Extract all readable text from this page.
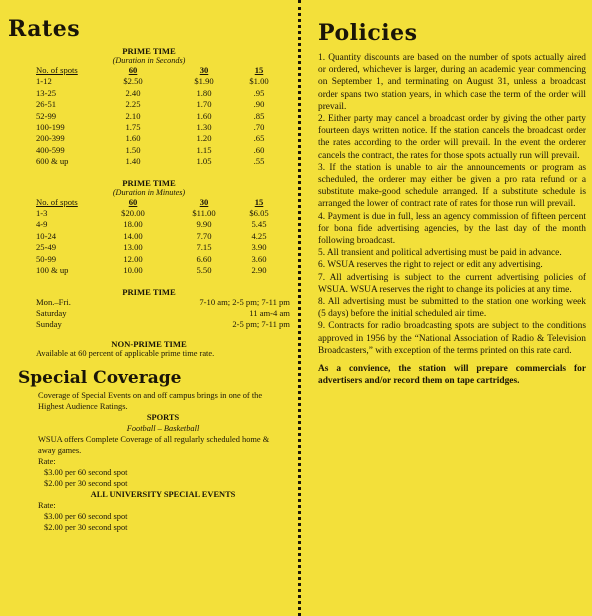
Rates
PRIME TIME
(Duration in Seconds)
No. of spots	60	30	15
1-12	$2.50	$1.90	$1.00
13-25	2.40	1.80	.95
26-51	2.25	1.70	.90
52-99	2.10	1.60	.85
100-199	1.75	1.30	.70
200-399	1.60	1.20	.65
400-599	1.50	1.15	.60
600 & up	1.40	1.05	.55
PRIME TIME
(Duration in Minutes)
No. of spots	60	30	15
1-3	$20.00	$11.00	$6.05
4-9	18.00	9.90	5.45
10-24	14.00	7.70	4.25
25-49	13.00	7.15	3.90
50-99	12.00	6.60	3.60
100 & up	10.00	5.50	2.90
PRIME TIME
Mon.–Fri.	7-10 am; 2-5 pm; 7-11 pm
Saturday	11 am-4 am
Sunday	2-5 pm; 7-11 pm
NON-PRIME TIME
Available at 60 percent of applicable prime time rate.
Special Coverage
Coverage of Special Events on and off campus brings in one of the Highest Audience Ratings.
SPORTS
Football – Basketball
WSUA offers Complete Coverage of all regularly scheduled home & away games.
Rate:
$3.00 per 60 second spot
$2.00 per 30 second spot
ALL UNIVERSITY SPECIAL EVENTS
Rate:
$3.00 per 60 second spot
$2.00 per 30 second spot
Policies

1. Quantity discounts are based on the number of spots actually aired or ordered, whichever is larger, during an academic year commencing on September 1, and terminating on August 31, unless a broadcast order spans two station years, in which case the term of the order will prevail.

2. Either party may cancel a broadcast order by giving the other party fourteen days written notice. If the station cancels the broadcast order the rates according to the order will prevail. In the event the orderer cancels the contract, the rates for those spots actually run will prevail.

3. If the station is unable to air the announcements or program as scheduled, the orderer may either be given a pro rata refund or a substitute make-good schedule arranged. If a substitute schedule is arranged the lower of contract rate of rates for those run will prevail.

4. Payment is due in full, less an agency commission of fifteen percent for bona fide advertising agencies, by the last day of the month following broadcast.

5. All transient and political advertising must be paid in advance.

6. WSUA reserves the right to reject or edit any advertising.

7. All advertising is subject to the current advertising policies of WSUA. WSUA reserves the right to change its policies at any time.

8. All advertising must be submitted to the station one working week (5 days) before the initial scheduled air time.

9. Contracts for radio broadcasting spots are subject to the conditions approved in 1956 by the “National Association of Radio & Television Broadcasters,” with exception of the terms printed on this rate card.

As a convience, the station will prepare commercials for advertisers and/or record them on tape cartridges.
